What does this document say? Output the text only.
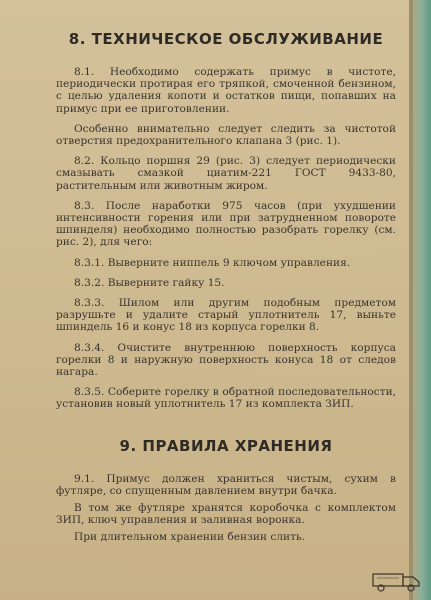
8. ТЕХНИЧЕСКОЕ ОБСЛУЖИВАНИЕ

8.1. Необходимо содержать примус в чистоте, периодически протирая его тряпкой, смоченной бензином, с целью удаления копоти и остатков пищи, попавших на примус при ее приготовлении.

Особенно внимательно следует следить за чистотой отверстия предохранительного клапана 3 (рис. 1).

8.2. Кольцо поршня 29 (рис. 3) следует периодически смазывать смазкой циатим-221 ГОСТ 9433-80, растительным или животным жиром.

8.3. После наработки 975 часов (при ухудшении интенсивности горения или при затрудненном повороте шпинделя) необходимо полностью разобрать горелку (см. рис. 2), для чего:

8.3.1. Выверните ниппель 9 ключом управления.

8.3.2. Выверните гайку 15.

8.3.3. Шилом или другим подобным предметом разрушьте и удалите старый уплотнитель 17, выньте шпиндель 16 и конус 18 из корпуса горелки 8.

8.3.4. Очистите внутреннюю поверхность корпуса горелки 8 и наружную поверхность конуса 18 от следов нагара.

8.3.5. Соберите горелку в обратной последовательности, установив новый уплотнитель 17 из комплекта ЗИП.

9. ПРАВИЛА ХРАНЕНИЯ

9.1. Примус должен храниться чистым, сухим в футляре, со спущенным давлением внутри бачка.

В том же футляре хранятся коробочка с комплектом ЗИП, ключ управления и заливная воронка.

При длительном хранении бензин слить.
